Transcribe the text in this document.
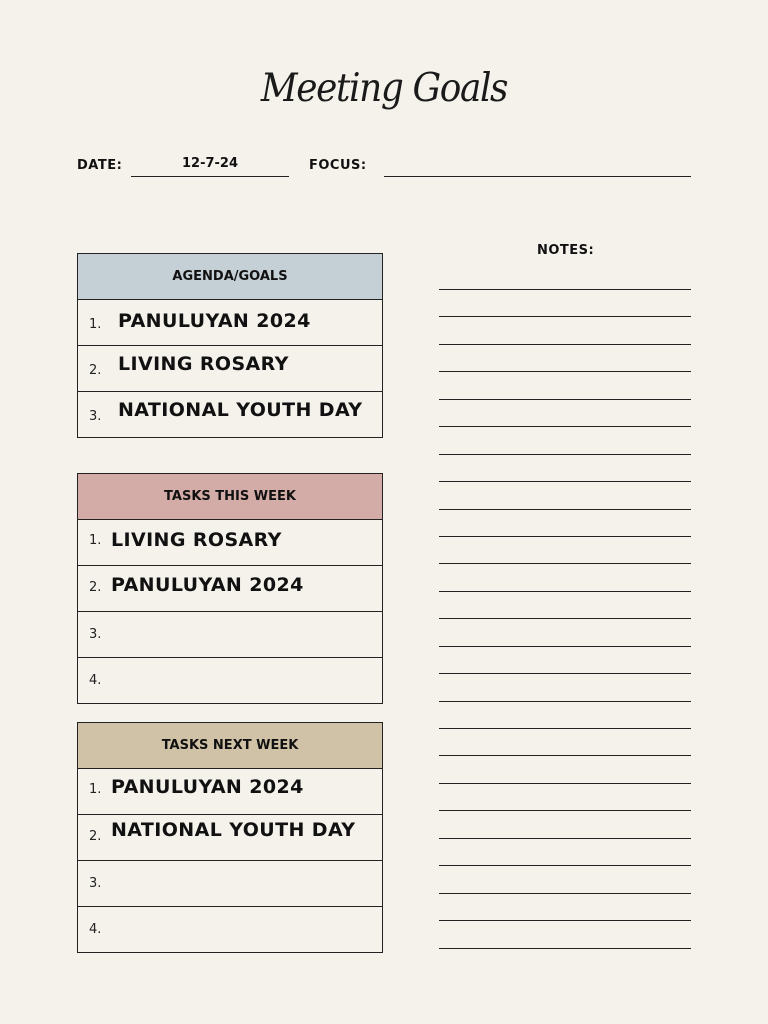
Meeting Goals
DATE:	12-7-24	FOCUS:
NOTES:
AGENDA/GOALS
1. PANULUYAN 2024
2. LIVING ROSARY
3. NATIONAL YOUTH DAY
TASKS THIS WEEK
1. LIVING ROSARY
2. PANULUYAN 2024
3.
4.
TASKS NEXT WEEK
1. PANULUYAN 2024
2. NATIONAL YOUTH DAY
3.
4.
